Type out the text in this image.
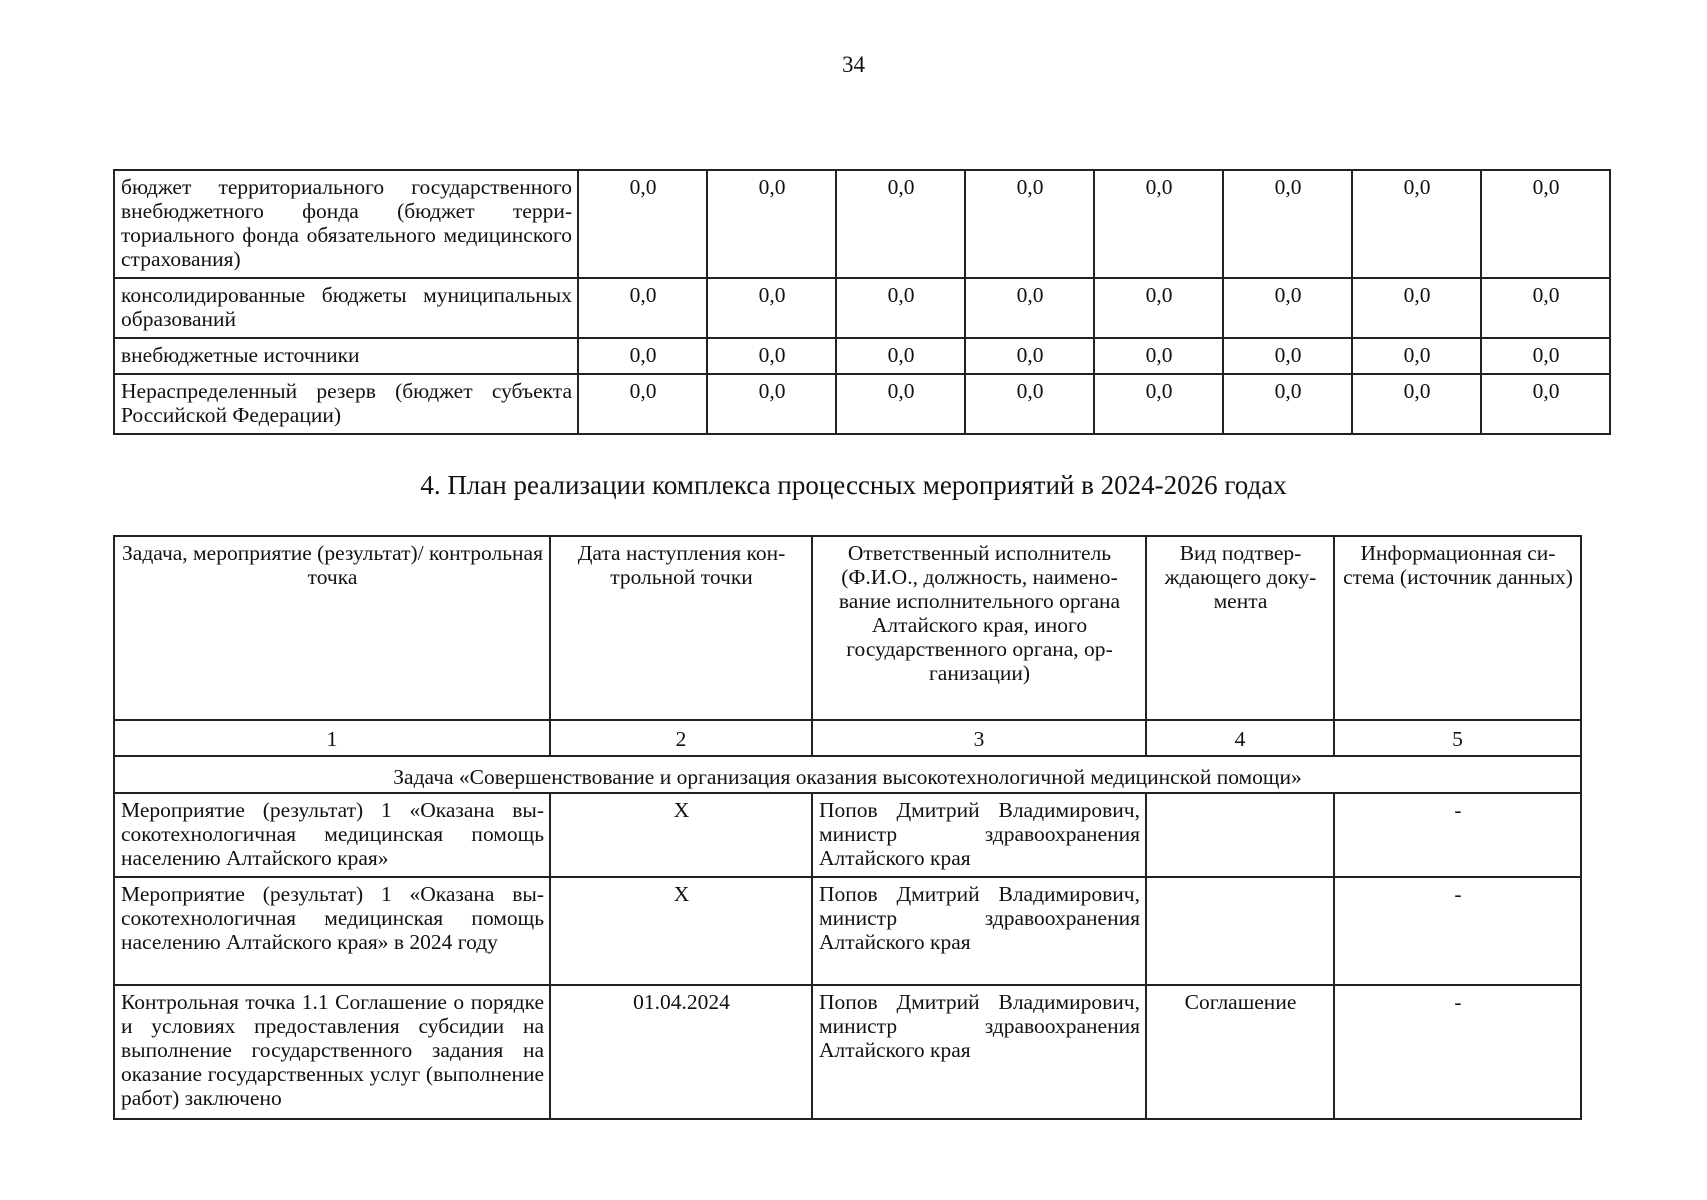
34
бюджет территориального государственного внебюджетного фонда (бюджет территориального фонда обязательного медицинского страхования)	0,0	0,0	0,0	0,0	0,0	0,0	0,0	0,0
консолидированные бюджеты муниципальных образований	0,0	0,0	0,0	0,0	0,0	0,0	0,0	0,0
внебюджетные источники	0,0	0,0	0,0	0,0	0,0	0,0	0,0	0,0
Нераспределенный резерв (бюджет субъекта Российской Федерации)	0,0	0,0	0,0	0,0	0,0	0,0	0,0	0,0
4. План реализации комплекса процессных мероприятий в 2024-2026 годах
Задача, мероприятие (результат)/ контрольная точка	Дата наступления контрольной точки	Ответственный исполнитель (Ф.И.О., должность, наименование исполнительного органа Алтайского края, иного государственного органа, организации)	Вид подтверждающего документа	Информационная система (источник данных)
1	2	3	4	5
Задача «Совершенствование и организация оказания высокотехнологичной медицинской помощи»				
Мероприятие (результат) 1 «Оказана высокотехнологичная медицинская помощь населению Алтайского края»	X	Попов Дмитрий Владимирович, министр здравоохранения Алтайского края		-
Мероприятие (результат) 1 «Оказана высокотехнологичная медицинская помощь населению Алтайского края» в 2024 году	X	Попов Дмитрий Владимирович, министр здравоохранения Алтайского края		-
Контрольная точка 1.1 Соглашение о порядке и условиях предоставления субсидии на выполнение государственного задания на оказание государственных услуг (выполнение работ) заключено	01.04.2024	Попов Дмитрий Владимирович, министр здравоохранения Алтайского края	Соглашение	-
